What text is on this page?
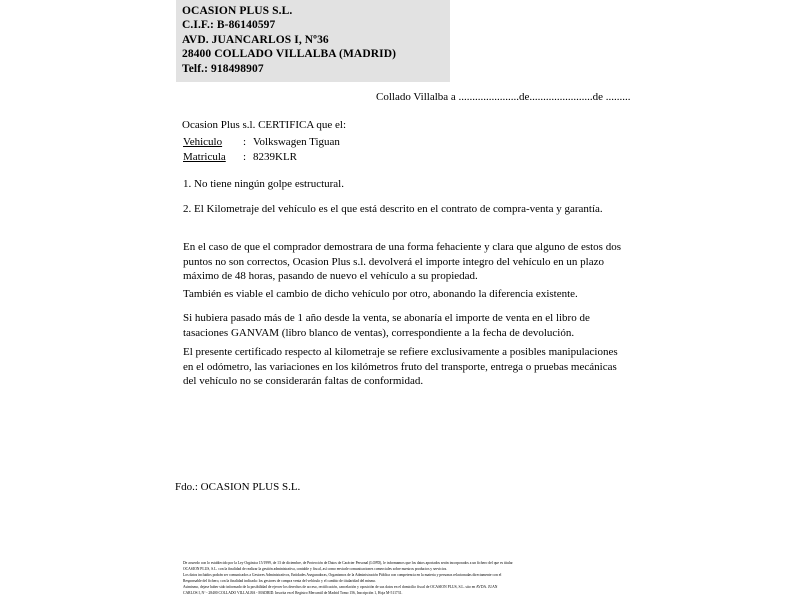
OCASION PLUS S.L.
C.I.F.: B-86140597
AVD. JUANCARLOS I, Nº36
28400 COLLADO VILLALBA (MADRID)
Telf.: 918498907
Collado Villalba a ......................de.......................de .........
Ocasion Plus s.l. CERTIFICA que el:
Vehiculo : Volkswagen Tiguan
Matricula : 8239KLR
1. No tiene ningún golpe estructural.
2. El Kilometraje del vehículo es el que está descrito en el contrato de compra-venta y garantía.
En el caso de que el comprador demostrara de una forma fehaciente y clara que alguno de estos dos puntos no son correctos, Ocasion Plus s.l. devolverá el importe integro del vehículo en un plazo máximo de 48 horas, pasando de nuevo el vehículo a su propiedad.
También es viable el cambio de dicho vehículo por otro, abonando la diferencia existente.
Si hubiera pasado más de 1 año desde la venta, se abonaría el importe de venta en el libro de tasaciones GANVAM (libro blanco de ventas), correspondiente a la fecha de devolución.
El presente certificado respecto al kilometraje se refiere exclusivamente a posibles manipulaciones en el odómetro, las variaciones en los kilómetros fruto del transporte, entrega o pruebas mecánicas del vehículo no se considerarán faltas de conformidad.
Fdo.: OCASION PLUS S.L.

De acuerdo con lo establecido por la Ley Orgánica 15/1999, de 13 de diciembre, de Protección de Datos de Carácter Personal (LOPD), le informamos que los datos aportados serán incorporados a un fichero del que es titular

OCASION PLUS, S.L. con la finalidad de realizar la gestión administrativa, contable y fiscal, así como enviarle comunicaciones comerciales sobre nuestros productos y servicios.

Los datos incluidos podrán ser comunicados a Gestores Administrativos, Entidades Aseguradoras, Organismos de la Administración Pública con competencia en la materia y personas relacionadas directamente con el

Responsable del fichero, con la finalidad indicada: los gestores de compra venta del vehículo y el cambio de titularidad del mismo.

Asimismo, dejase haber sido informado de la posibilidad de ejercer los derechos de acceso, rectificación, cancelación y oposición de sus datos en el domicilio fiscal de OCASION PLUS, S.L. sito en AVDA. JUAN

CARLOS I, Nº - 28400 COLLADO VILLALBA - MADRID. Inscrita en el Registro Mercantil de Madrid Tomo 156, Inscripción 1, Hoja M-511731.
